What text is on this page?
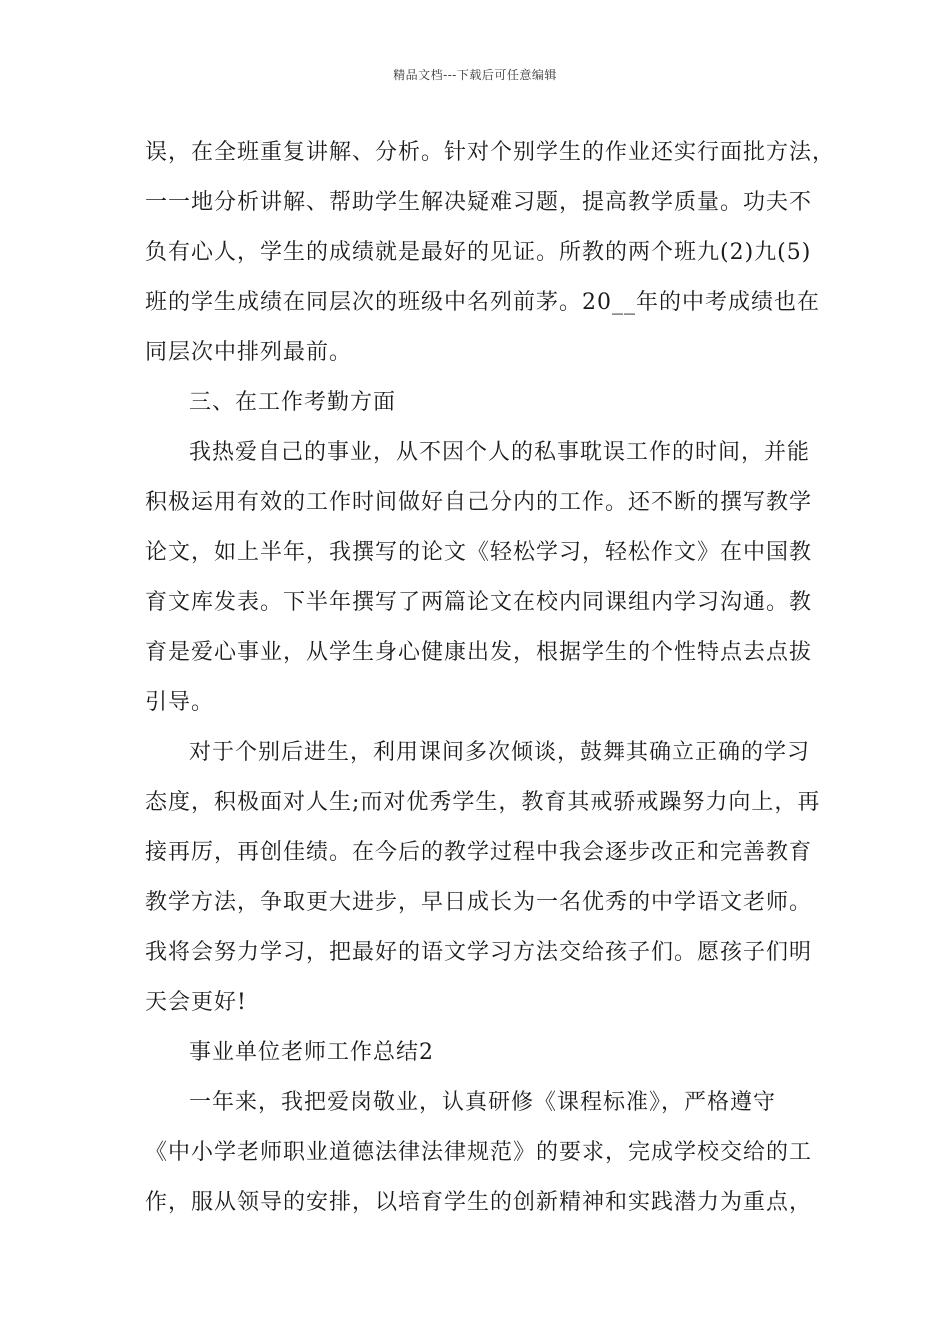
精品文档---下载后可任意编辑
误，在全班重复讲解、分析。针对个别学生的作业还实行面批方法，
一一地分析讲解、帮助学生解决疑难习题，提高教学质量。功夫不
负有心人，学生的成绩就是最好的见证。所教的两个班九(2)九(5)
班的学生成绩在同层次的班级中名列前茅。20__年的中考成绩也在
同层次中排列最前。
三、在工作考勤方面
我热爱自己的事业，从不因个人的私事耽误工作的时间，并能
积极运用有效的工作时间做好自己分内的工作。还不断的撰写教学
论文，如上半年，我撰写的论文《轻松学习，轻松作文》在中国教
育文库发表。下半年撰写了两篇论文在校内同课组内学习沟通。教
育是爱心事业，从学生身心健康出发，根据学生的个性特点去点拔
引导。
对于个别后进生，利用课间多次倾谈，鼓舞其确立正确的学习
态度，积极面对人生;而对优秀学生，教育其戒骄戒躁努力向上，再
接再厉，再创佳绩。在今后的教学过程中我会逐步改正和完善教育
教学方法，争取更大进步，早日成长为一名优秀的中学语文老师。
我将会努力学习，把最好的语文学习方法交给孩子们。愿孩子们明
天会更好!
事业单位老师工作总结2
一年来，我把爱岗敬业，认真研修《课程标准》，严格遵守
《中小学老师职业道德法律法律规范》的要求，完成学校交给的工
作，服从领导的安排，以培育学生的创新精神和实践潜力为重点，
